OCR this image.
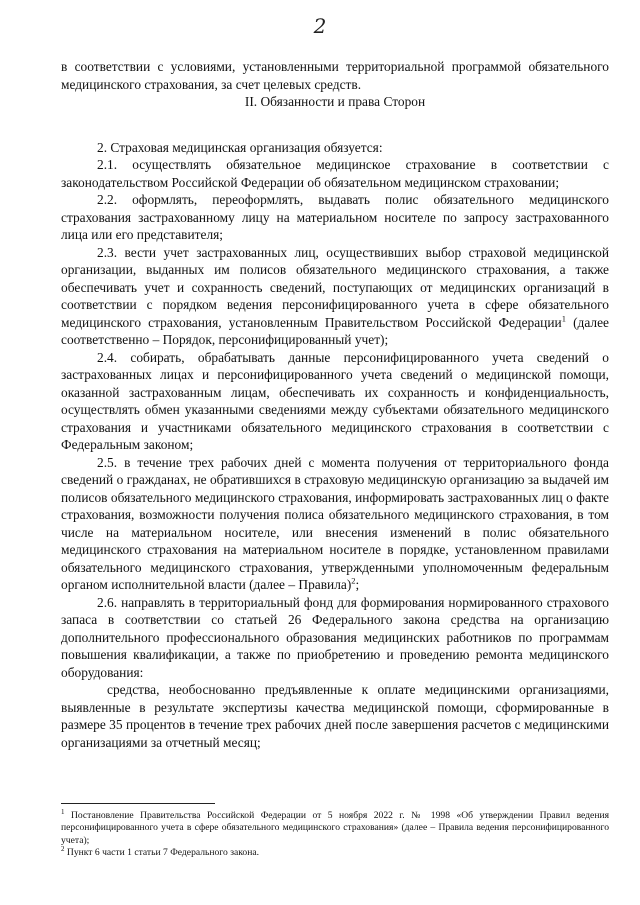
2

в соответствии с условиями, установленными территориальной программой обязательного медицинского страхования, за счет целевых средств.

II. Обязанности и права Сторон

2. Страховая медицинская организация обязуется:

2.1. осуществлять обязательное медицинское страхование в соответствии с законодательством Российской Федерации об обязательном медицинском страховании;

2.2. оформлять, переоформлять, выдавать полис обязательного медицинского страхования застрахованному лицу на материальном носителе по запросу застрахованного лица или его представителя;

2.3. вести учет застрахованных лиц, осуществивших выбор страховой медицинской организации, выданных им полисов обязательного медицинского страхования, а также обеспечивать учет и сохранность сведений, поступающих от медицинских организаций в соответствии с порядком ведения персонифицированного учета в сфере обязательного медицинского страхования, установленным Правительством Российской Федерации$^1$ (далее соответственно – Порядок, персонифицированный учет);

2.4. собирать, обрабатывать данные персонифицированного учета сведений о застрахованных лицах и персонифицированного учета сведений о медицинской помощи, оказанной застрахованным лицам, обеспечивать их сохранность и конфиденциальность, осуществлять обмен указанными сведениями между субъектами обязательного медицинского страхования и участниками обязательного медицинского страхования в соответствии с Федеральным законом;

2.5. в течение трех рабочих дней с момента получения от территориального фонда сведений о гражданах, не обратившихся в страховую медицинскую организацию за выдачей им полисов обязательного медицинского страхования, информировать застрахованных лиц о факте страхования, возможности получения полиса обязательного медицинского страхования, в том числе на материальном носителе, или внесения изменений в полис обязательного медицинского страхования на материальном носителе в порядке, установленном правилами обязательного медицинского страхования, утвержденными уполномоченным федеральным органом исполнительной власти (далее – Правила)$^2$;

2.6. направлять в территориальный фонд для формирования нормированного страхового запаса в соответствии со статьей 26 Федерального закона средства на организацию дополнительного профессионального образования медицинских работников по программам повышения квалификации, а также по приобретению и проведению ремонта медицинского оборудования:

средства, необоснованно предъявленные к оплате медицинскими организациями, выявленные в результате экспертизы качества медицинской помощи, сформированные в размере 35 процентов в течение трех рабочих дней после завершения расчетов с медицинскими организациями за отчетный месяц;

$^1$ Постановление Правительства Российской Федерации от 5 ноября 2022 г. № 1998 «Об утверждении Правил ведения персонифицированного учета в сфере обязательного медицинского страхования» (далее – Правила ведения персонифицированного учета);

$^2$ Пункт 6 части 1 статьи 7 Федерального закона.
